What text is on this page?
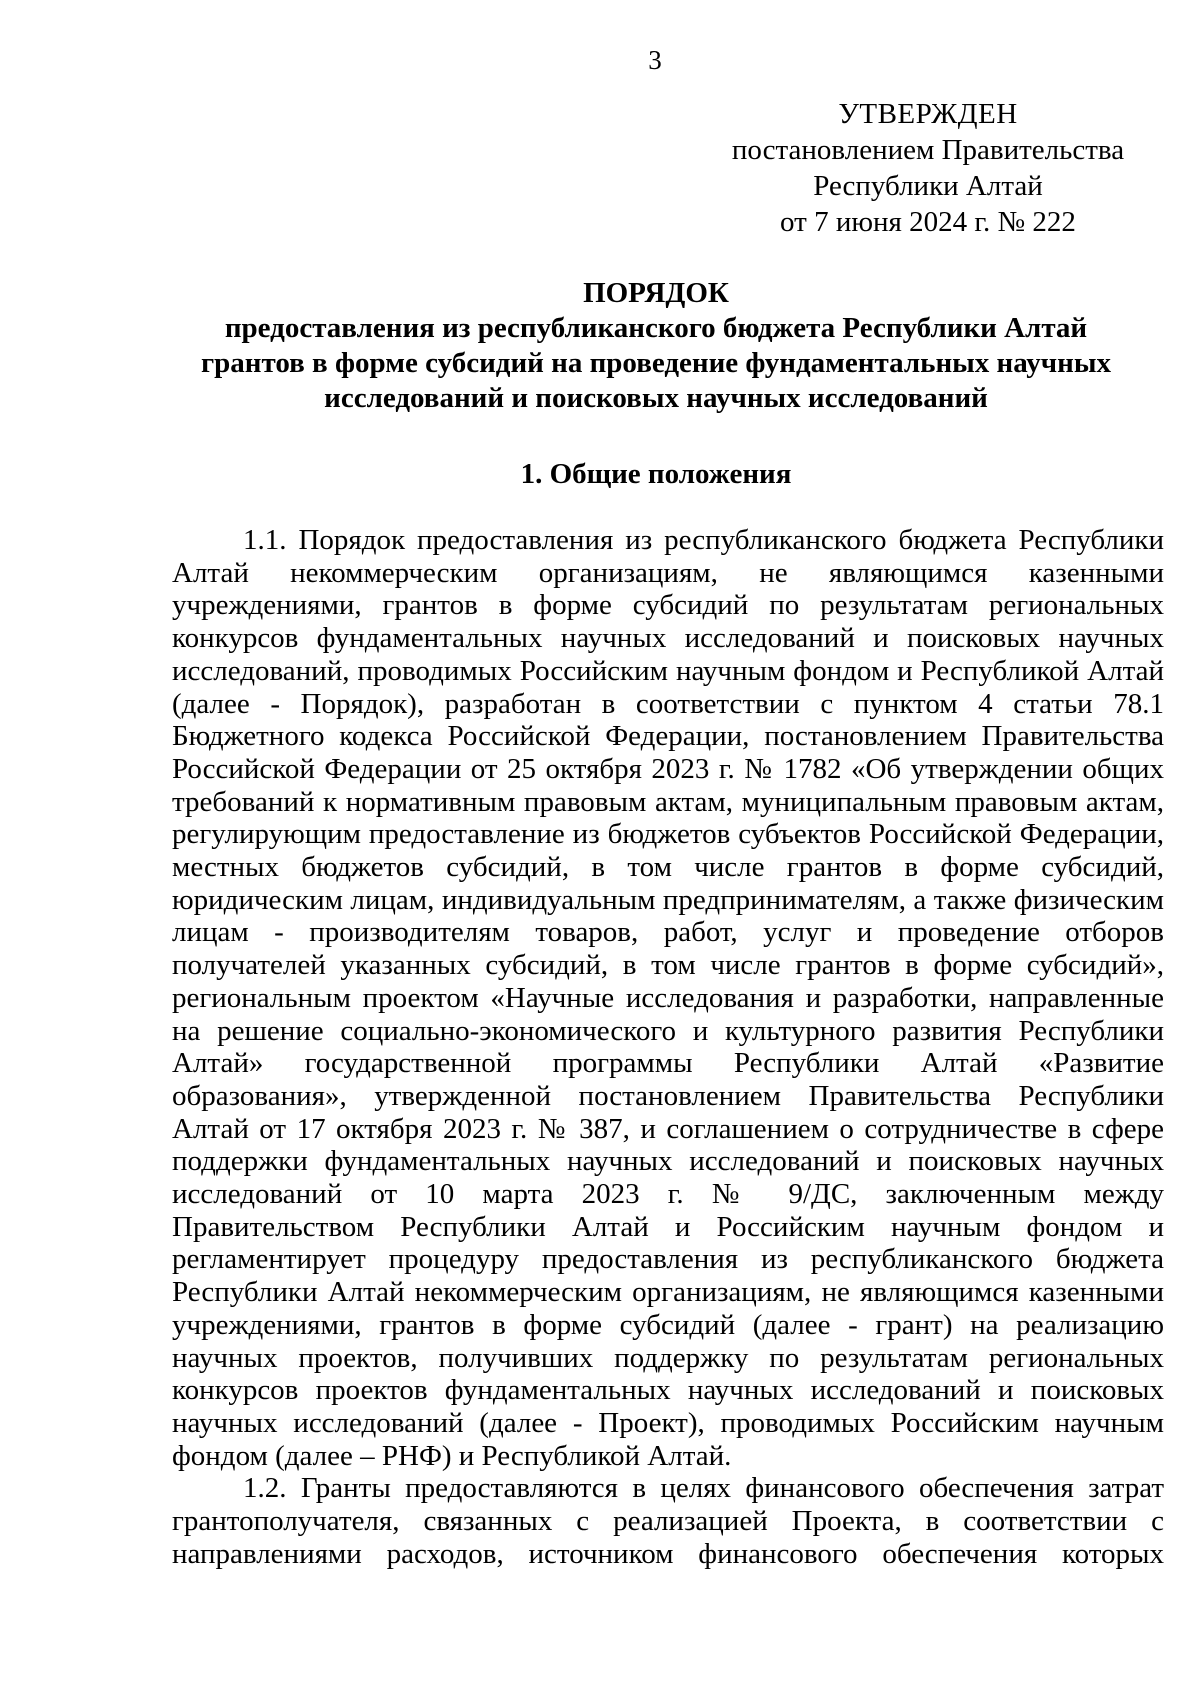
3
УТВЕРЖДЕН
постановлением Правительства
Республики Алтай
от 7 июня 2024 г. № 222
ПОРЯДОК
предоставления из республиканского бюджета Республики Алтай грантов в форме субсидий на проведение фундаментальных научных исследований и поисковых научных исследований
1. Общие положения

1.1. Порядок предоставления из республиканского бюджета Республики Алтай некоммерческим организациям, не являющимся казенными учреждениями, грантов в форме субсидий по результатам региональных конкурсов фундаментальных научных исследований и поисковых научных исследований, проводимых Российским научным фондом и Республикой Алтай (далее - Порядок), разработан в соответствии с пунктом 4 статьи 78.1 Бюджетного кодекса Российской Федерации, постановлением Правительства Российской Федерации от 25 октября 2023 г. № 1782 «Об утверждении общих требований к нормативным правовым актам, муниципальным правовым актам, регулирующим предоставление из бюджетов субъектов Российской Федерации, местных бюджетов субсидий, в том числе грантов в форме субсидий, юридическим лицам, индивидуальным предпринимателям, а также физическим лицам - производителям товаров, работ, услуг и проведение отборов получателей указанных субсидий, в том числе грантов в форме субсидий», региональным проектом «Научные исследования и разработки, направленные на решение социально-экономического и культурного развития Республики Алтай» государственной программы Республики Алтай «Развитие образования», утвержденной постановлением Правительства Республики Алтай от 17 октября 2023 г. № 387, и соглашением о сотрудничестве в сфере поддержки фундаментальных научных исследований и поисковых научных исследований от 10 марта 2023 г. № 9/ДС, заключенным между Правительством Республики Алтай и Российским научным фондом и регламентирует процедуру предоставления из республиканского бюджета Республики Алтай некоммерческим организациям, не являющимся казенными учреждениями, грантов в форме субсидий (далее - грант) на реализацию научных проектов, получивших поддержку по результатам региональных конкурсов проектов фундаментальных научных исследований и поисковых научных исследований (далее - Проект), проводимых Российским научным фондом (далее – РНФ) и Республикой Алтай.

1.2. Гранты предоставляются в целях финансового обеспечения затрат грантополучателя, связанных с реализацией Проекта, в соответствии с направлениями расходов, источником финансового обеспечения которых
